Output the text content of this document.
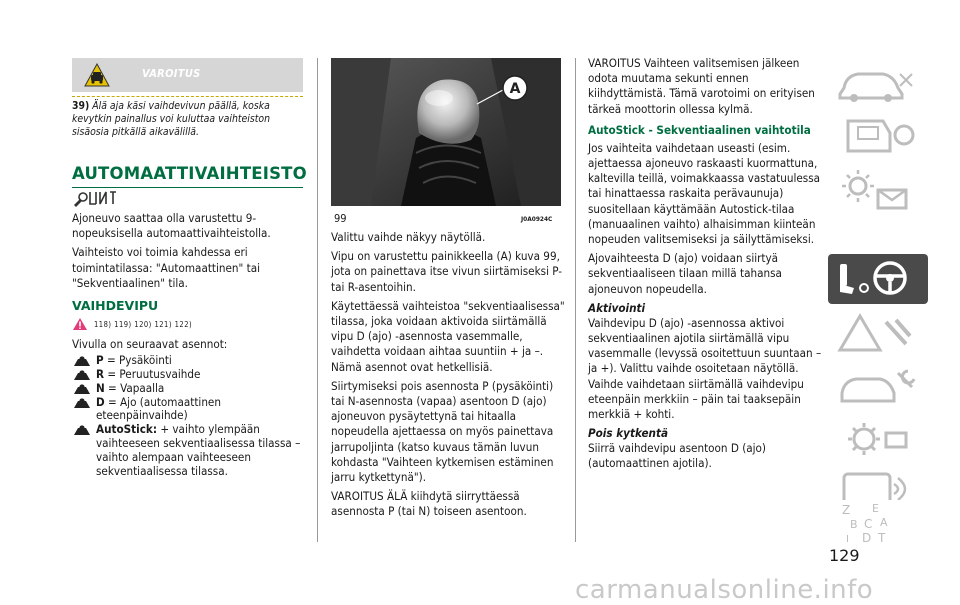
VAROITUS
39) Älä aja käsi vaihdevivun päällä, koska kevytkin painallus voi kuluttaa vaihteiston sisäosia pitkällä aikavälillä.
AUTOMAATTIVAIHTEISTO

Ajoneuvo saattaa olla varustettu 9-nopeuksisella automaattivaihteistolla.

Vaihteisto voi toimia kahdessa eri toimintatilassa: "Automaattinen" tai "Sekventiaalinen" tila.

VAIHDEVIPU
118) 119) 120) 121) 122)

Vivulla on seuraavat asennot:

P = Pysäköinti
R = Peruutusvaihde
N = Vapaalla
D = Ajo (automaattinen eteenpäinvaihde)
AutoStick: + vaihto ylempään vaihteeseen sekventiaalisessa tilassa – vaihto alempaan vaihteeseen sekventiaalisessa tilassa.
A
99	J0A0924C

Valittu vaihde näkyy näytöllä.

Vipu on varustettu painikkeella (A) kuva 99, jota on painettava itse vivun siirtämiseksi P- tai R-asentoihin.

Käytettäessä vaihteistoa "sekventiaalisessa" tilassa, joka voidaan aktivoida siirtämällä vipu D (ajo) -asennosta vasemmalle, vaihdetta voidaan aihtaa suuntiin + ja –. Nämä asennot ovat hetkellisiä.

Siirtymiseksi pois asennosta P (pysäköinti) tai N-asennosta (vapaa) asentoon D (ajo) ajoneuvon pysäytettynä tai hitaalla nopeudella ajettaessa on myös painettava jarrupoljinta (katso kuvaus tämän luvun kohdasta "Vaihteen kytkemisen estäminen jarru kytkettynä").

VAROITUS ÄLÄ kiihdytä siirryttäessä asennosta P (tai N) toiseen asentoon.

VAROITUS Vaihteen valitsemisen jälkeen odota muutama sekunti ennen kiihdyttämistä. Tämä varotoimi on erityisen tärkeä moottorin ollessa kylmä.

AutoStick - Sekventiaalinen vaihtotila

Jos vaihteita vaihdetaan useasti (esim. ajettaessa ajoneuvo raskaasti kuormattuna, kaltevilla teillä, voimakkaassa vastatuulessa tai hinattaessa raskaita perävaunuja) suositellaan käyttämään Autostick-tilaa (manuaalinen vaihto) alhaisimman kiinteän nopeuden valitsemiseksi ja säilyttämiseksi.

Ajovaihteesta D (ajo) voidaan siirtyä sekventiaaliseen tilaan millä tahansa ajoneuvon nopeudella.

Aktivointi

Vaihdevipu D (ajo) -asennossa aktivoi sekventiaalinen ajotila siirtämällä vipu vasemmalle (levyssä osoitettuun suuntaan – ja +). Valittu vaihde osoitetaan näytöllä. Vaihde vaihdetaan siirtämällä vaihdevipu eteenpäin merkkiin – päin tai taaksepäin merkkiä + kohti.

Pois kytkentä

Siirrä vaihdevipu asentoon D (ajo) (automaattinen ajotila).

Z E
B C A
I D T
129
carmanualsonline.info
